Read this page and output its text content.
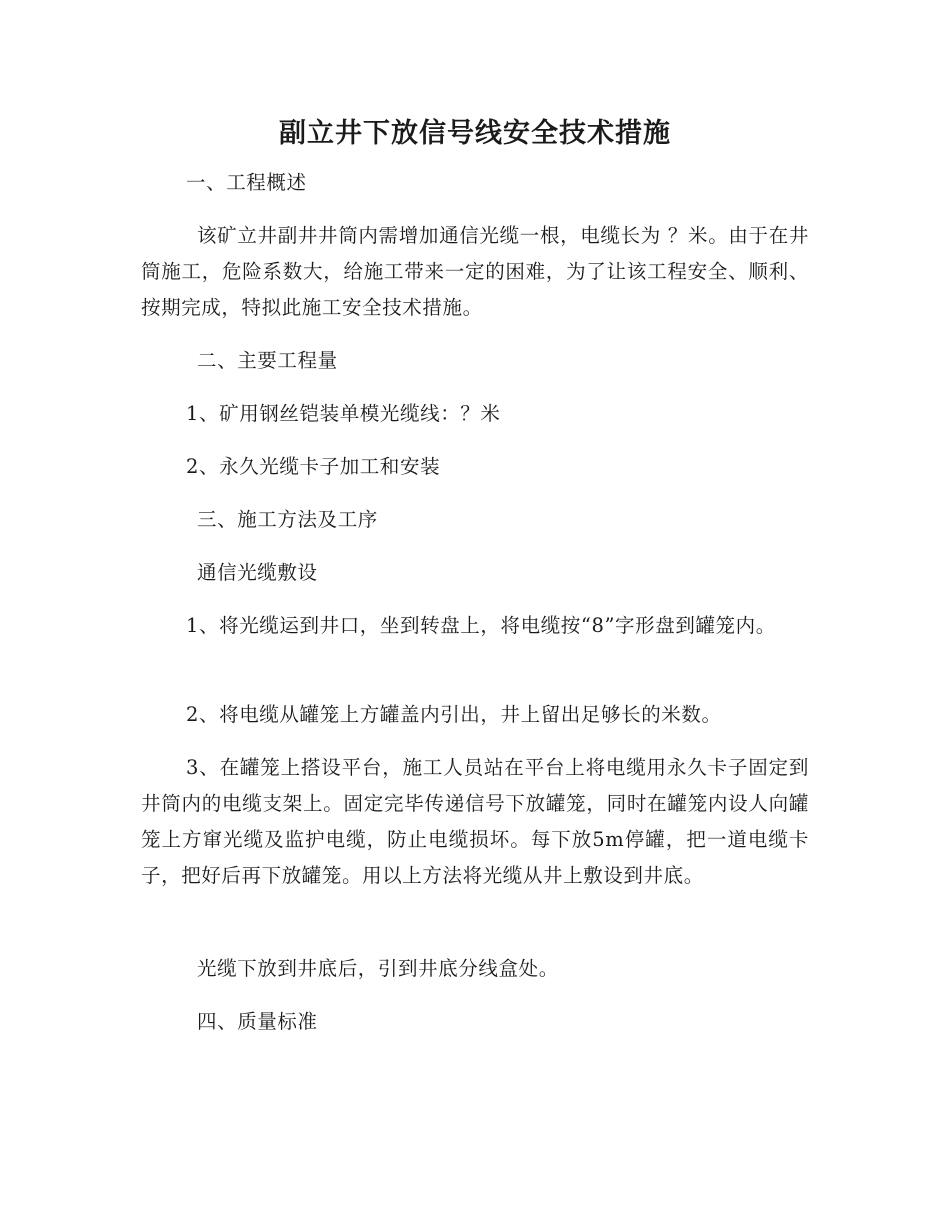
副立井下放信号线安全技术措施
一、工程概述
该矿立井副井井筒内需增加通信光缆一根，电缆长为 ？米。由于在井筒施工，危险系数大，给施工带来一定的困难，为了让该工程安全、顺利、按期完成，特拟此施工安全技术措施。
二、主要工程量
1、矿用钢丝铠装单模光缆线：？米
2、永久光缆卡子加工和安装
三、施工方法及工序
通信光缆敷设
1、将光缆运到井口，坐到转盘上，将电缆按“8”字形盘到罐笼内。
2、将电缆从罐笼上方罐盖内引出，井上留出足够长的米数。
3、在罐笼上搭设平台，施工人员站在平台上将电缆用永久卡子固定到井筒内的电缆支架上。固定完毕传递信号下放罐笼，同时在罐笼内设人向罐笼上方窜光缆及监护电缆，防止电缆损坏。每下放5m停罐，把一道电缆卡子，把好后再下放罐笼。用以上方法将光缆从井上敷设到井底。
光缆下放到井底后，引到井底分线盒处。
四、质量标准
